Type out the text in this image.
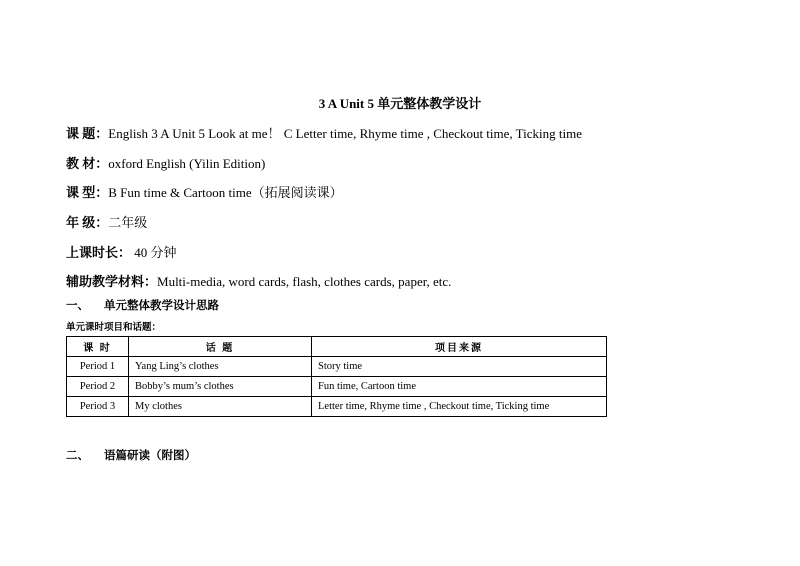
3 A Unit 5 单元整体教学设计
课 题：English 3 A Unit 5 Look at me！ C Letter time, Rhyme time , Checkout time, Ticking time
教 材：oxford English (Yilin Edition)
课 型：B Fun time & Cartoon time（拓展阅读课）
年 级：二年级
上课时长： 40 分钟
辅助教学材料：Multi-media, word cards, flash, clothes cards, paper, etc.
一、 单元整体教学设计思路
单元课时项目和话题：
课 时	话 题	项目来源
Period 1	Yang Ling’s clothes	Story time
Period 2	Bobby’s mum’s clothes	Fun time, Cartoon time
Period 3	My clothes	Letter time, Rhyme time , Checkout time, Ticking time
二、 语篇研读（附图）
